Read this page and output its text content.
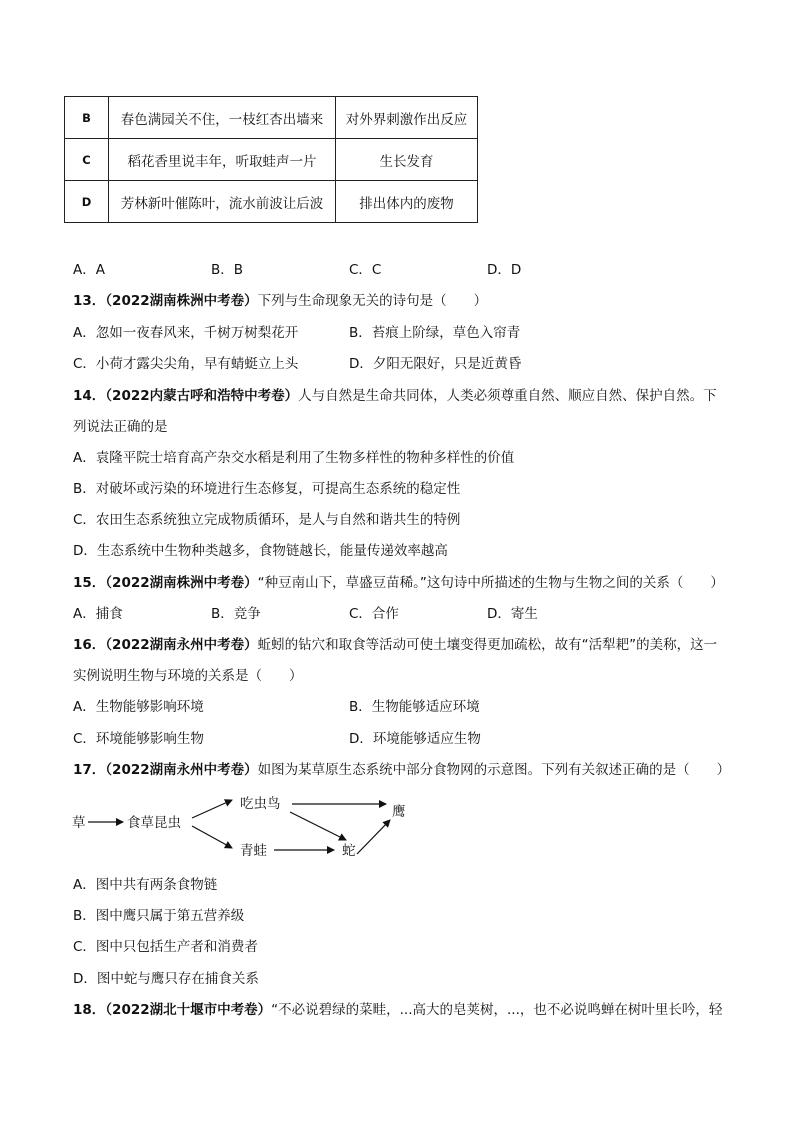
B	春色满园关不住，一枝红杏出墙来	对外界刺激作出反应
C	稻花香里说丰年，听取蛙声一片	生长发育
D	芳林新叶催陈叶，流水前波让后波	排出体内的废物
A．A	B．B	C．C	D．D
13．（2022湖南株洲中考卷）下列与生命现象无关的诗句是（　　）
A．忽如一夜春风来，千树万树梨花开	B．苔痕上阶绿，草色入帘青
C．小荷才露尖尖角，早有蜻蜓立上头	D．夕阳无限好，只是近黄昏
14．（2022内蒙古呼和浩特中考卷）人与自然是生命共同体，人类必须尊重自然、顺应自然、保护自然。下
列说法正确的是
A．袁隆平院士培育高产杂交水稻是利用了生物多样性的物种多样性的价值
B．对破坏或污染的环境进行生态修复，可提高生态系统的稳定性
C．农田生态系统独立完成物质循环，是人与自然和谐共生的特例
D．生态系统中生物种类越多，食物链越长，能量传递效率越高
15．（2022湖南株洲中考卷）“种豆南山下，草盛豆苗稀。”这句诗中所描述的生物与生物之间的关系（　　）
A．捕食	B．竞争	C．合作	D．寄生
16．（2022湖南永州中考卷）蚯蚓的钻穴和取食等活动可使土壤变得更加疏松，故有“活犁耙”的美称，这一
实例说明生物与环境的关系是（　　）
A．生物能够影响环境	B．生物能够适应环境
C．环境能够影响生物	D．环境能够适应生物
17．（2022湖南永州中考卷）如图为某草原生态系统中部分食物网的示意图。下列有关叙述正确的是（　　）
草	食草昆虫
吃虫鸟
青蛙	蛇
鹰
A．图中共有两条食物链
B．图中鹰只属于第五营养级
C．图中只包括生产者和消费者
D．图中蛇与鹰只存在捕食关系
18．（2022湖北十堰市中考卷）“不必说碧绿的菜畦，...高大的皂荚树，...，也不必说鸣蝉在树叶里长吟，轻
